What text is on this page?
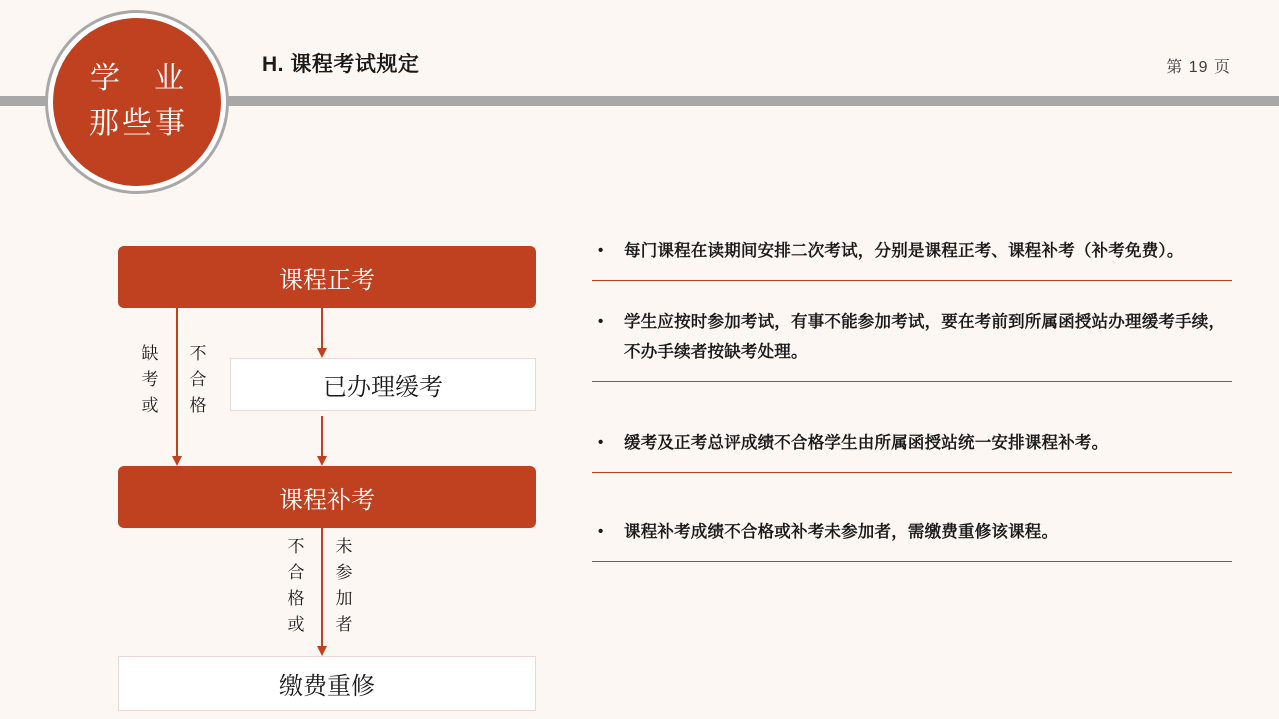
学业
那些事
H. 课程考试规定	第 19 页
课程正考
已办理缓考
课程补考
缴费重修
缺考或
不合格
不合格或
未参加者
• 每门课程在读期间安排二次考试，分别是课程正考、课程补考（补考免费）。
• 学生应按时参加考试，有事不能参加考试，要在考前到所属函授站办理缓考手续，不办手续者按缺考处理。
• 缓考及正考总评成绩不合格学生由所属函授站统一安排课程补考。
• 课程补考成绩不合格或补考未参加者，需缴费重修该课程。
